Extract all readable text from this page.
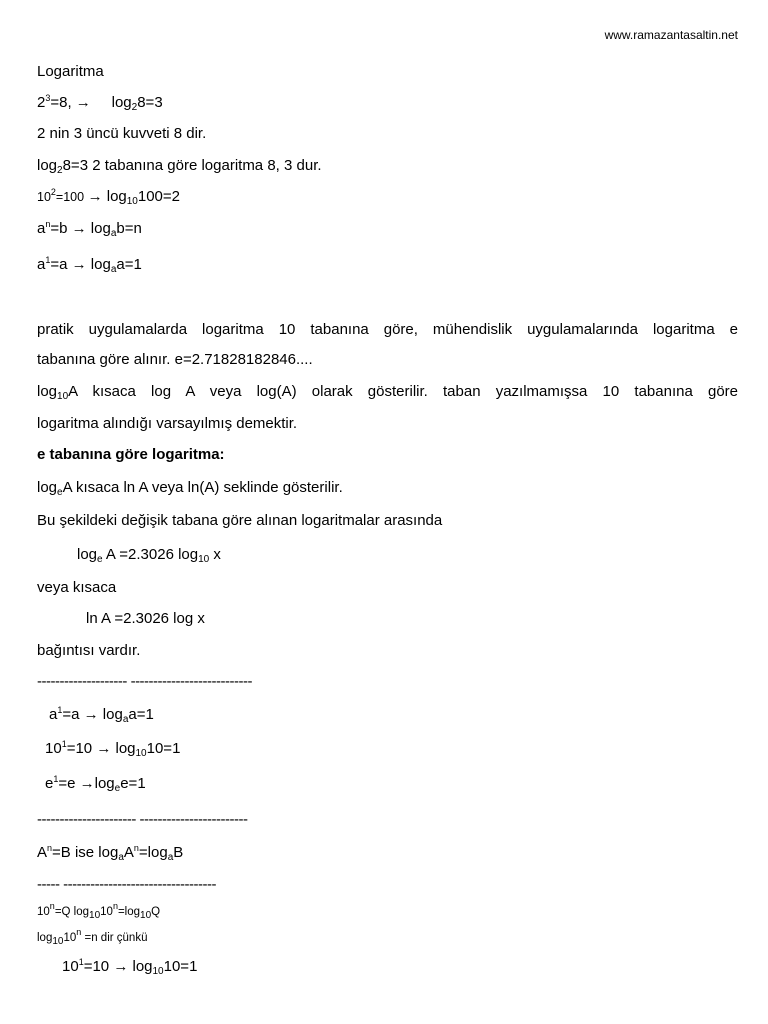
www.ramazantasaltin.net
Logaritma
$2^3=8$, →     $\log_28=3$
2 nin 3 üncü kuvveti 8 dir.
$\log_28=3$ 2 tabanına göre logaritma 8, 3 dur.
$10^2=100 \to \log_{10}100=2$
$a^n=b \to \log_ab=n$
$a^1=a \to \log_aa=1$
pratik uygulamalarda logaritma 10 tabanına göre, mühendislik uygulamalarında logaritma e
tabanına göre alınır. e=2.71828182846....
$\log_{10}A$ kısaca log A veya log(A) olarak gösterilir. taban yazılmamışsa 10 tabanına göre
logaritma alındığı varsayılmış demektir.
e tabanına göre logaritma:
$\log_eA$ kısaca ln A veya ln(A) seklinde gösterilir.
Bu şekildeki değişik tabana göre alınan logaritmalar arasında
$\log_e A =2.3026$ $\log_{10} x$
veya kısaca
ln A =2.3026 log x
bağıntısı vardır.
-------------------- ---------------------------
$a^1=a \to \log_aa=1$
$10^1=10 \to \log_{10}10=1$
$e^1=e \to\log_ee=1$
---------------------- ------------------------
$A^n=B$ ise $\log_aA^n=\log_aB$
----- ----------------------------------
$10^n=Q$ $\log_{10}10^n=\log_{10}Q$
$\log_{10}10^n =n$ dir çünkü
$10^1=10 \to \log_{10}10=1$
